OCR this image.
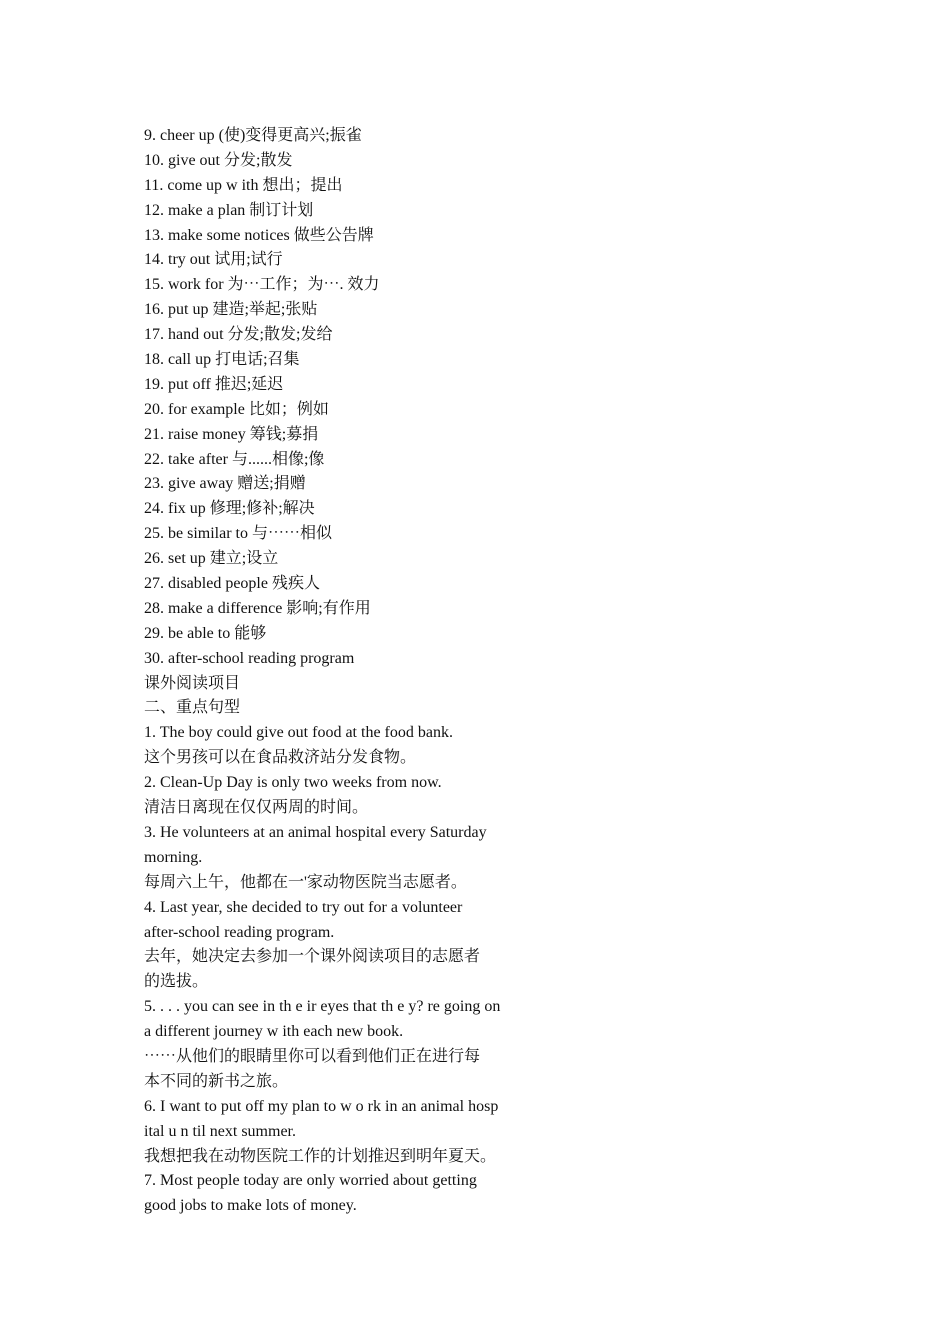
9. cheer up (使)变得更高兴;振雀
10. give out 分发;散发
11. come up w ith 想出；提出
12. make a plan 制订计划
13. make some notices 做些公告牌
14. try out 试用;试行
15. work for 为⋯工作；为⋯. 效力
16. put up 建造;举起;张贴
17. hand out 分发;散发;发给
18. call up 打电话;召集
19. put off 推迟;延迟
20. for example 比如；例如
21. raise money 筹钱;募捐
22. take after 与......相像;像
23. give away 赠送;捐赠
24. fix up 修理;修补;解决
25. be similar to 与⋯⋯相似
26. set up 建立;设立
27. disabled people 残疾人
28. make a difference 影响;有作用
29. be able to 能够
30. after-school reading program
课外阅读项目
二、重点句型
1. The boy could give out food at the food bank.
这个男孩可以在食品救济站分发食物。
2. Clean-Up Day is only two weeks from now.
清洁日离现在仅仅两周的时间。
3. He volunteers at an animal hospital every Saturday
morning.
每周六上午，他都在一'家动物医院当志愿者。
4. Last year, she decided to try out for a volunteer
after-school reading program.
去年，她决定去参加一个课外阅读项目的志愿者
的选拔。
5. . . . you can see in th e ir eyes that th e y? re going on
a different journey w ith each new book.
⋯⋯从他们的眼睛里你可以看到他们正在进行每
本不同的新书之旅。
6. I want to put off my plan to w o rk in an animal hosp
ital u n til next summer.
我想把我在动物医院工作的计划推迟到明年夏天。
7. Most people today are only worried about getting
good jobs to make lots of money.
